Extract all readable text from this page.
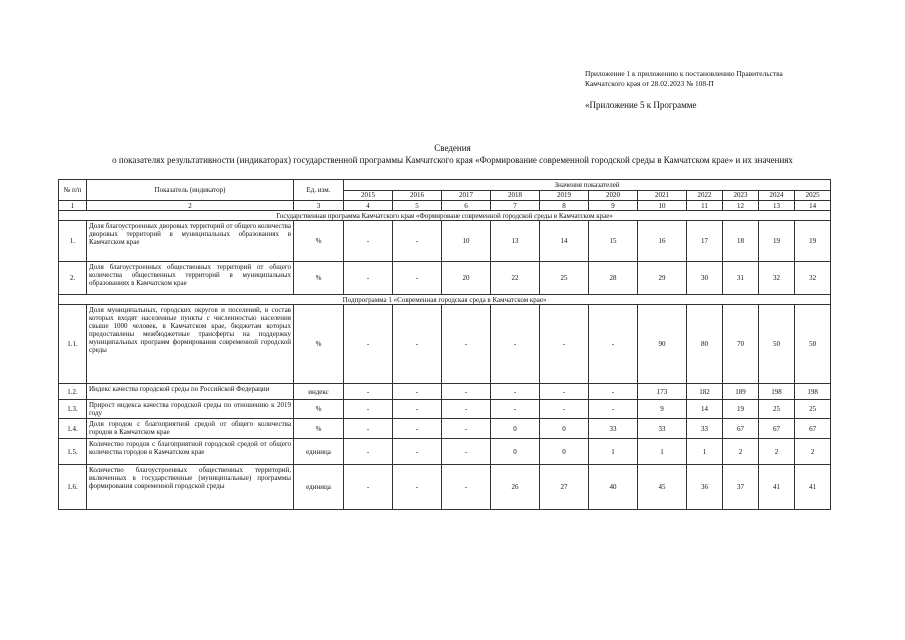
Приложение 1 к приложению к постановлению Правительства
Камчатского края от 28.02.2023 № 108-П
«Приложение 5 к Программе
Сведения
о показателях результативности (индикаторах) государственной программы Камчатского края «Формирование современной городской среды в Камчатском крае» и их значениях
№ п/п	Показатель (индикатор)	Ед. изм.	Значения показателей										
			2015	2016	2017	2018	2019	2020	2021	2022	2023	2024	2025
1	2	3	4	5	6	7	8	9	10	11	12	13	14
Государственная программа Камчатского края «Формироване современной городской среды в Камчатском крае»													
1.	Доля благоустроенных дворовых территорий от общего количества дворовых территорий в муниципальных образованиях в Камчатском крае	%	-	-	10	13	14	15	16	17	18	19	19
2.	Доля благоустроенных общественных территорий от общего количества общественных территорий в муниципальных образованиях в Камчатском крае	%	-	-	20	22	25	28	29	30	31	32	32
Подпрограмма 1 «Современная городская среда в Камчатском крае»													
1.1.	Доля муниципальных, городских округов и поселений, в состав которых входят населенные пункты с численностью населения свыше 1000 человек, в Камчатском крае, бюджетам которых предоставлены межбюджетные трансферты на поддержку муниципальных программ формирования современной городской среды	%	-	-	-	-	-	-	90	80	70	50	50
1.2.	Индекс качества городской среды по Российской Федерации	индекс	-	-	-	-	-	-	173	182	189	198	198
1.3.	Прирост индекса качества городской среды по отношению к 2019 году	%	-	-	-	-	-	-	9	14	19	25	25
1.4.	Доля городов с благоприятной средой от общего количества городов в Камчатском крае	%	-	-	-	0	0	33	33	33	67	67	67
1.5.	Количество городов с благоприятной городской средой от общего количества городов в Камчатском крае	единица	-	-	-	0	0	1	1	1	2	2	2
1.6.	Количество благоустроенных общественных территорий, включенных в государственные (муниципальные) программы формирования современной городской среды	единица	-	-	-	26	27	40	45	36	37	41	41
